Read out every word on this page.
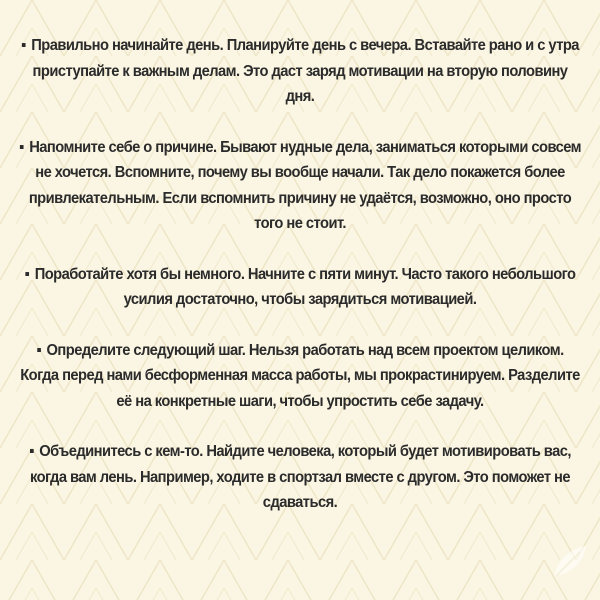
▪ Правильно начинайте день. Планируйте день с вечера. Вставайте рано и с утра приступайте к важным делам. Это даст заряд мотивации на вторую половину дня.

▪ Напомните себе о причине. Бывают нудные дела, заниматься которыми совсем не хочется. Вспомните, почему вы вообще начали. Так дело покажется более привлекательным. Если вспомнить причину не удаётся, возможно, оно просто того не стоит.

▪ Поработайте хотя бы немного. Начните с пяти минут. Часто такого небольшого усилия достаточно, чтобы зарядиться мотивацией.

▪ Определите следующий шаг. Нельзя работать над всем проектом целиком. Когда перед нами бесформенная масса работы, мы прокрастинируем. Разделите её на конкретные шаги, чтобы упростить себе задачу.

▪ Объединитесь с кем-то. Найдите человека, который будет мотивировать вас, когда вам лень. Например, ходите в спортзал вместе с другом. Это поможет не сдаваться.
